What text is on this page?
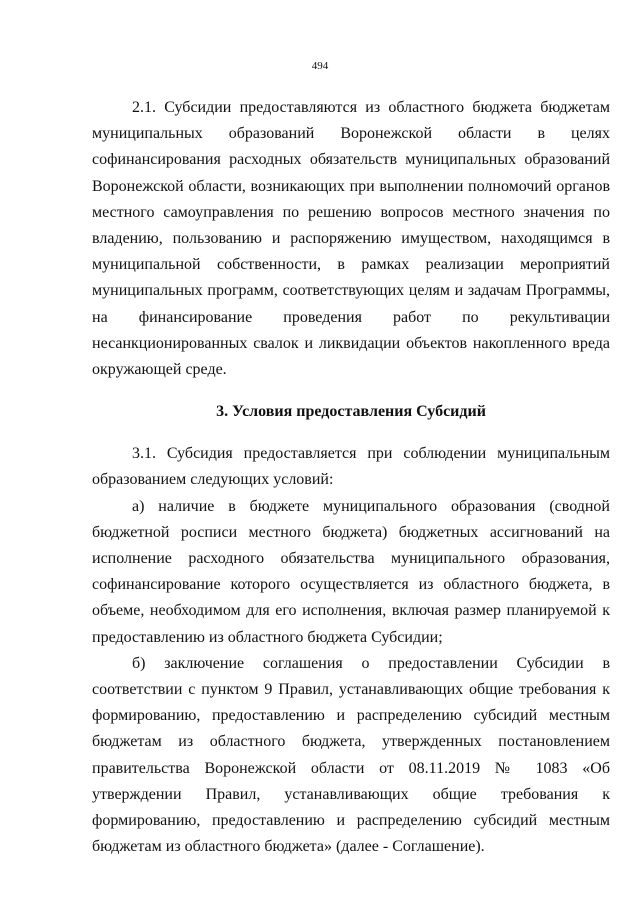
494

2.1. Субсидии предоставляются из областного бюджета бюджетам муниципальных образований Воронежской области в целях софинансирования расходных обязательств муниципальных образований Воронежской области, возникающих при выполнении полномочий органов местного самоуправления по решению вопросов местного значения по владению, пользованию и распоряжению имуществом, находящимся в муниципальной собственности, в рамках реализации мероприятий муниципальных программ, соответствующих целям и задачам Программы, на финансирование проведения работ по рекультивации несанкционированных свалок и ликвидации объектов накопленного вреда окружающей среде.

3. Условия предоставления Субсидий

3.1. Субсидия предоставляется при соблюдении муниципальным образованием следующих условий:

а) наличие в бюджете муниципального образования (сводной бюджетной росписи местного бюджета) бюджетных ассигнований на исполнение расходного обязательства муниципального образования, софинансирование которого осуществляется из областного бюджета, в объеме, необходимом для его исполнения, включая размер планируемой к предоставлению из областного бюджета Субсидии;

б) заключение соглашения о предоставлении Субсидии в соответствии с пунктом 9 Правил, устанавливающих общие требования к формированию, предоставлению и распределению субсидий местным бюджетам из областного бюджета, утвержденных постановлением правительства Воронежской области от 08.11.2019 № 1083 «Об утверждении Правил, устанавливающих общие требования к формированию, предоставлению и распределению субсидий местным бюджетам из областного бюджета» (далее - Соглашение).
